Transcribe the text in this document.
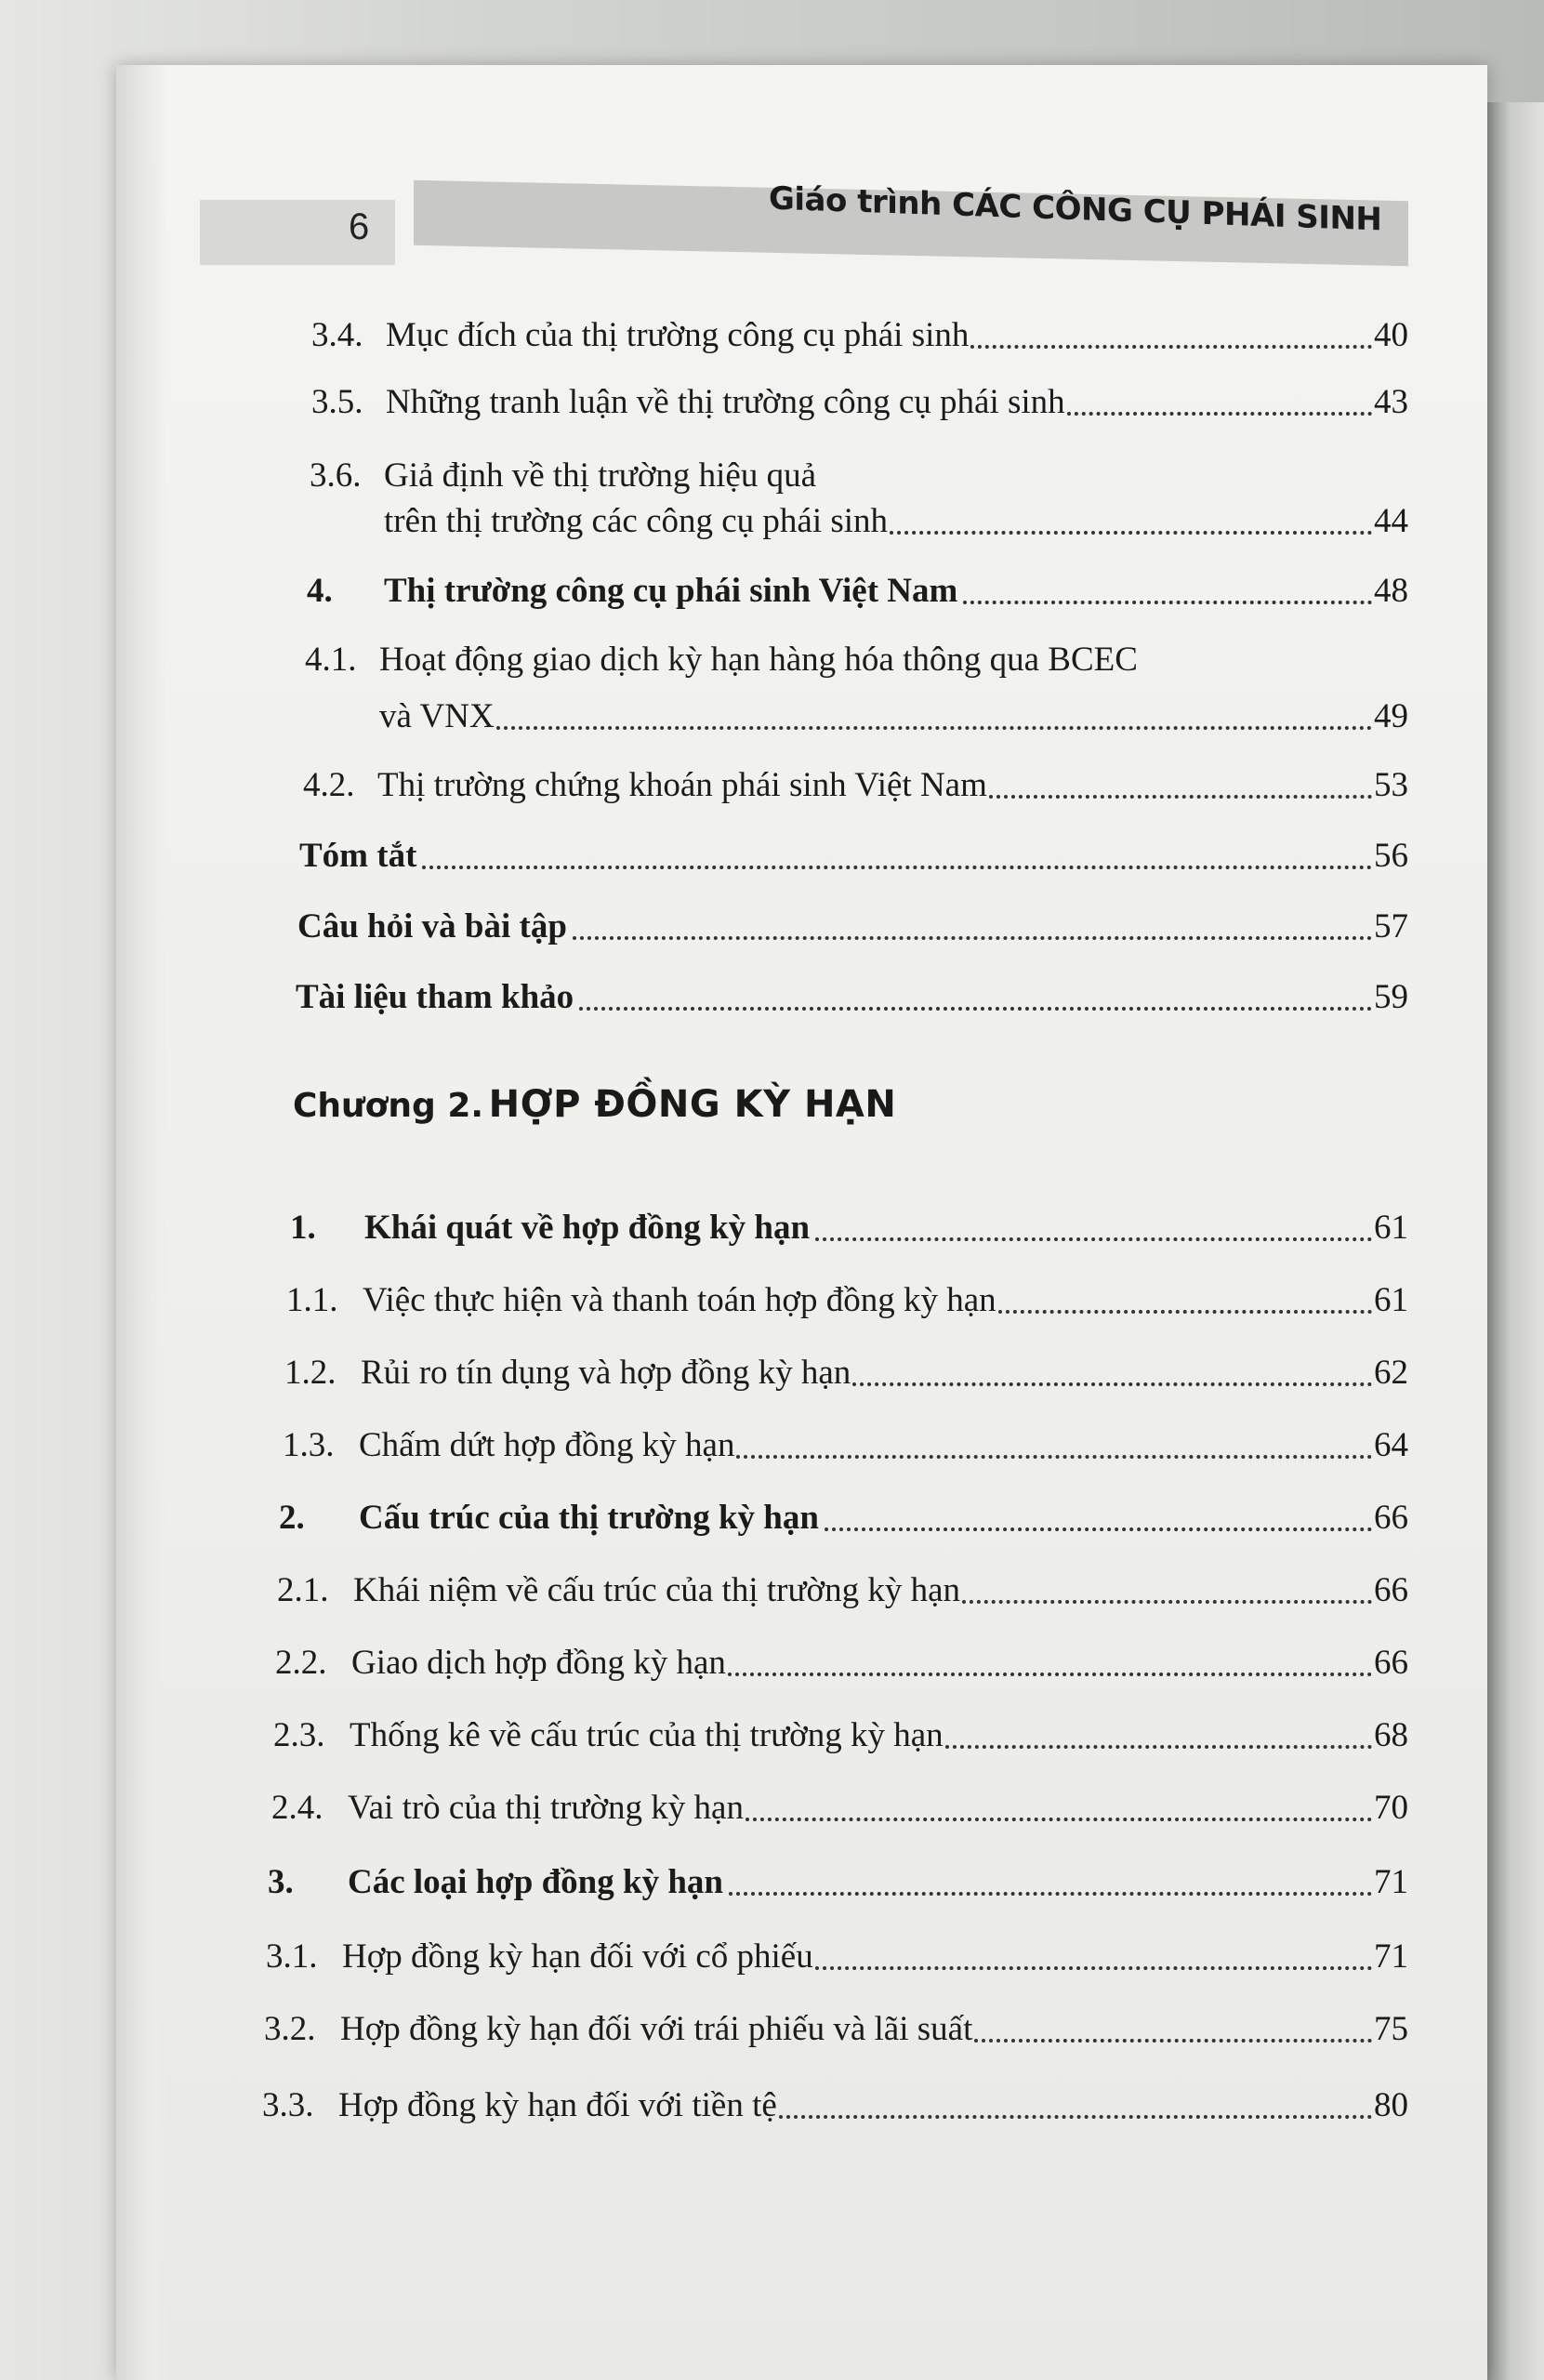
6	Giáo trình CÁC CÔNG CỤ PHÁI SINH
3.4. Mục đích của thị trường công cụ phái sinh	40
3.5. Những tranh luận về thị trường công cụ phái sinh	43
3.6. Giả định về thị trường hiệu quả
trên thị trường các công cụ phái sinh	44
4.	Thị trường công cụ phái sinh Việt Nam	48
4.1. Hoạt động giao dịch kỳ hạn hàng hóa thông qua BCEC
và VNX	49
4.2. Thị trường chứng khoán phái sinh Việt Nam	53
Tóm tắt	56
Câu hỏi và bài tập	57
Tài liệu tham khảo	59
Chương 2. HỢP ĐỒNG KỲ HẠN
1.	Khái quát về hợp đồng kỳ hạn	61
1.1. Việc thực hiện và thanh toán hợp đồng kỳ hạn	61
1.2. Rủi ro tín dụng và hợp đồng kỳ hạn	62
1.3. Chấm dứt hợp đồng kỳ hạn	64
2.	Cấu trúc của thị trường kỳ hạn	66
2.1. Khái niệm về cấu trúc của thị trường kỳ hạn	66
2.2. Giao dịch hợp đồng kỳ hạn	66
2.3. Thống kê về cấu trúc của thị trường kỳ hạn	68
2.4. Vai trò của thị trường kỳ hạn	70
3.	Các loại hợp đồng kỳ hạn	71
3.1. Hợp đồng kỳ hạn đối với cổ phiếu	71
3.2. Hợp đồng kỳ hạn đối với trái phiếu và lãi suất	75
3.3. Hợp đồng kỳ hạn đối với tiền tệ	80
